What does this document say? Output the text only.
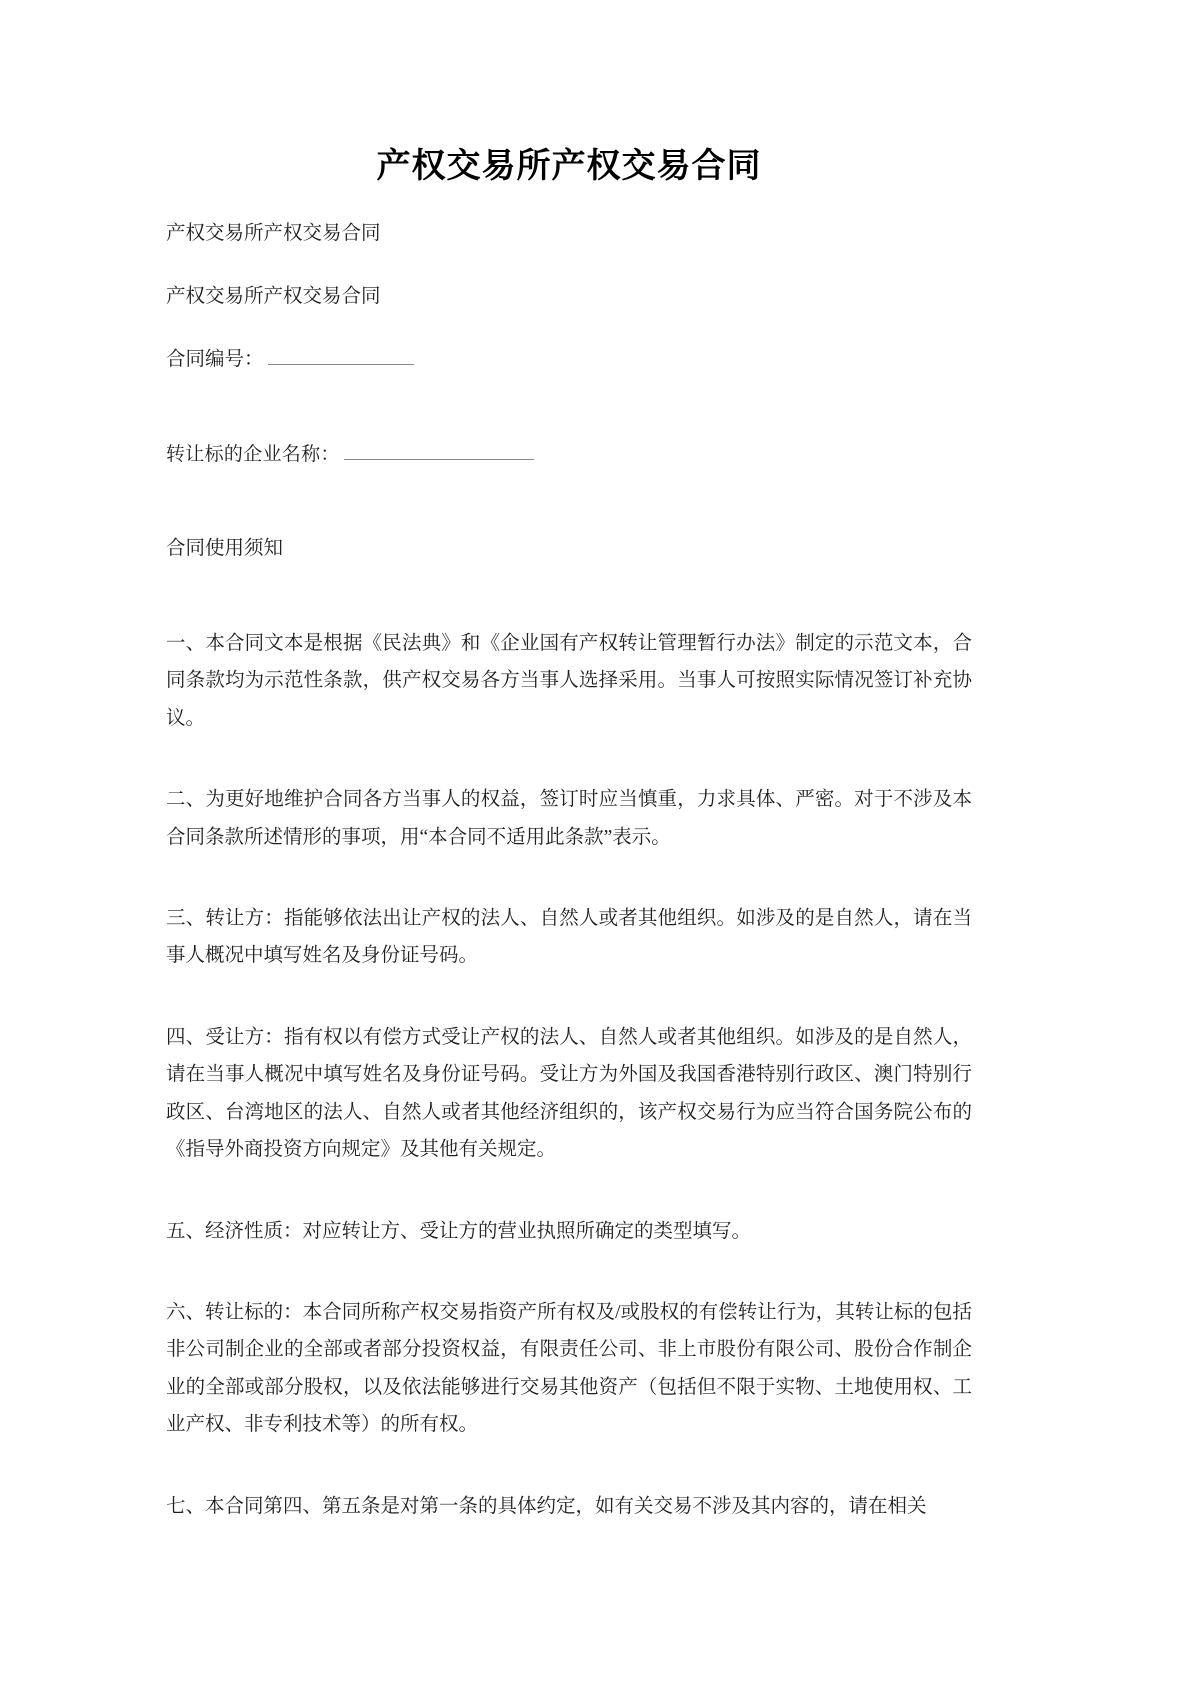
产权交易所产权交易合同

产权交易所产权交易合同

产权交易所产权交易合同

合同编号：

转让标的企业名称：

合同使用须知

一、本合同文本是根据《民法典》和《企业国有产权转让管理暂行办法》制定的示范文本，合同条款均为示范性条款，供产权交易各方当事人选择采用。当事人可按照实际情况签订补充协议。

二、为更好地维护合同各方当事人的权益，签订时应当慎重，力求具体、严密。对于不涉及本合同条款所述情形的事项，用“本合同不适用此条款”表示。

三、转让方：指能够依法出让产权的法人、自然人或者其他组织。如涉及的是自然人，请在当事人概况中填写姓名及身份证号码。

四、受让方：指有权以有偿方式受让产权的法人、自然人或者其他组织。如涉及的是自然人，请在当事人概况中填写姓名及身份证号码。受让方为外国及我国香港特别行政区、澳门特别行政区、台湾地区的法人、自然人或者其他经济组织的，该产权交易行为应当符合国务院公布的《指导外商投资方向规定》及其他有关规定。

五、经济性质：对应转让方、受让方的营业执照所确定的类型填写。

六、转让标的：本合同所称产权交易指资产所有权及/或股权的有偿转让行为，其转让标的包括非公司制企业的全部或者部分投资权益，有限责任公司、非上市股份有限公司、股份合作制企业的全部或部分股权，以及依法能够进行交易其他资产（包括但不限于实物、土地使用权、工业产权、非专利技术等）的所有权。

七、本合同第四、第五条是对第一条的具体约定，如有关交易不涉及其内容的，请在相关
